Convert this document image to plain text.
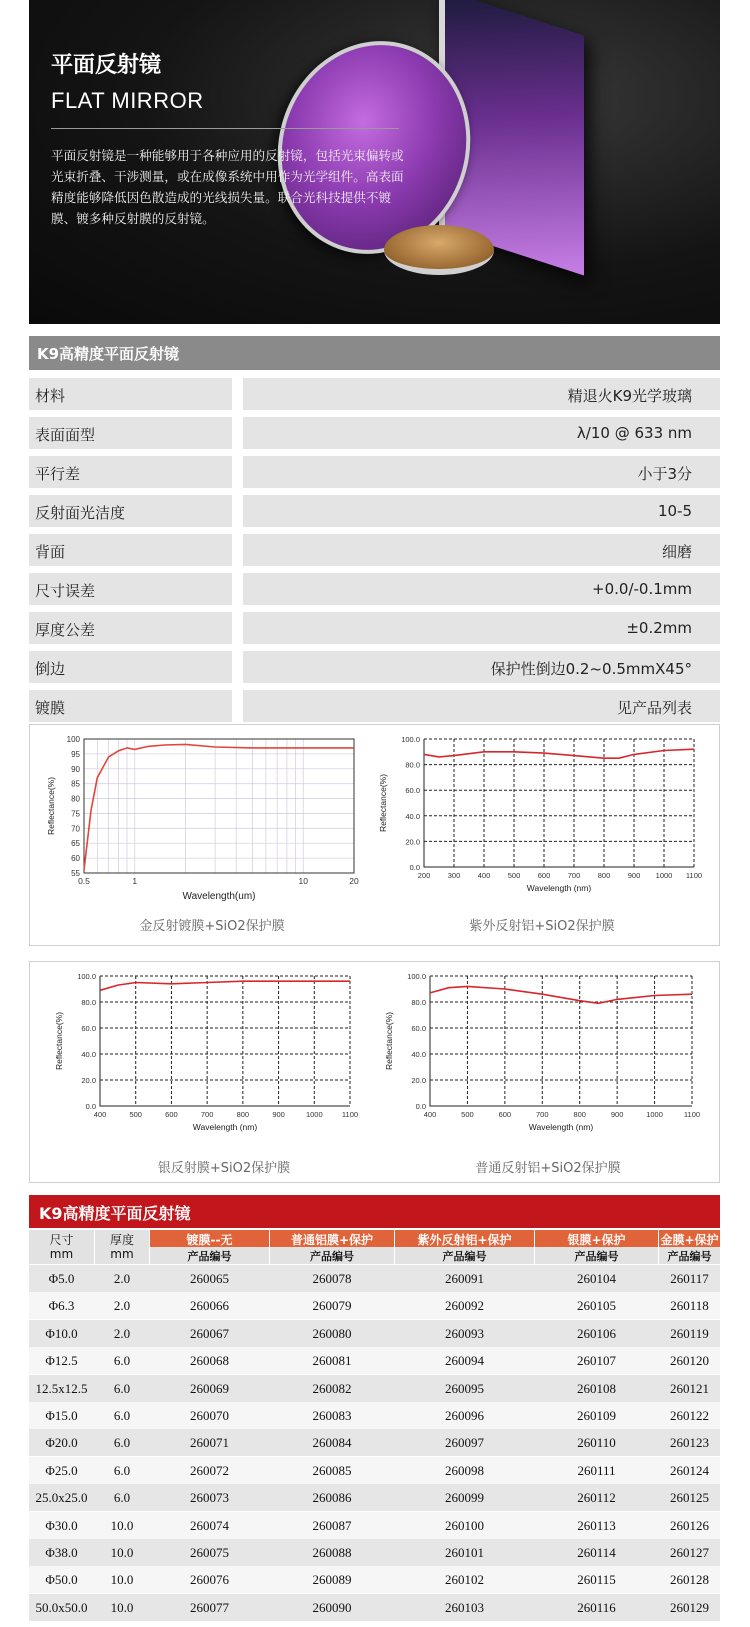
平面反射镜
FLAT MIRROR
平面反射镜是一种能够用于各种应用的反射镜，包括光束偏转或光束折叠、干涉测量，或在成像系统中用作为光学组件。高表面精度能够降低因色散造成的光线损失量。联合光科技提供不镀膜、镀多种反射膜的反射镜。
K9高精度平面反射镜
材料	精退火K9光学玻璃
表面面型	λ/10 @ 633 nm
平行差	小于3分
反射面光洁度	10-5
背面	细磨
尺寸误差	+0.0/-0.1mm
厚度公差	±0.2mm
倒边	保护性倒边0.2~0.5mmX45°
镀膜	见产品列表
55
60
65
70
75
80
85
90
95
100
0.5	1	10	20
Wavelength(um)
Reflectance(%)
0.0
20.0
40.0
60.0
80.0
100.0
200 300 400 500 600 700 800 900 1000 1100
Wavelength (nm)
Reflectance(%)
金反射镀膜+SiO2保护膜	紫外反射铝+SiO2保护膜
0.0
20.0
40.0
60.0
80.0
100.0
400	500	600	700	800	900	1000	1100
Wavelength (nm)
Reflectance(%)
0.0
20.0
40.0
60.0
80.0
100.0
400	500	600	700	800	900	1000	1100
Wavelength (nm)
Reflectance(%)
银反射膜+SiO2保护膜	普通反射铝+SiO2保护膜
K9高精度平面反射镜
尺寸
mm
厚度
mm
镀膜--无
产品编号
普通铝膜+保护
产品编号
紫外反射铝+保护
产品编号
银膜+保护
产品编号
金膜+保护
产品编号
Φ5.0	2.0	260065	260078	260091	260104	260117
Φ6.3	2.0	260066	260079	260092	260105	260118
Φ10.0	2.0	260067	260080	260093	260106	260119
Φ12.5	6.0	260068	260081	260094	260107	260120
12.5x12.5	6.0	260069	260082	260095	260108	260121
Φ15.0	6.0	260070	260083	260096	260109	260122
Φ20.0	6.0	260071	260084	260097	260110	260123
Φ25.0	6.0	260072	260085	260098	260111	260124
25.0x25.0	6.0	260073	260086	260099	260112	260125
Φ30.0	10.0	260074	260087	260100	260113	260126
Φ38.0	10.0	260075	260088	260101	260114	260127
Φ50.0	10.0	260076	260089	260102	260115	260128
50.0x50.0	10.0	260077	260090	260103	260116	260129
